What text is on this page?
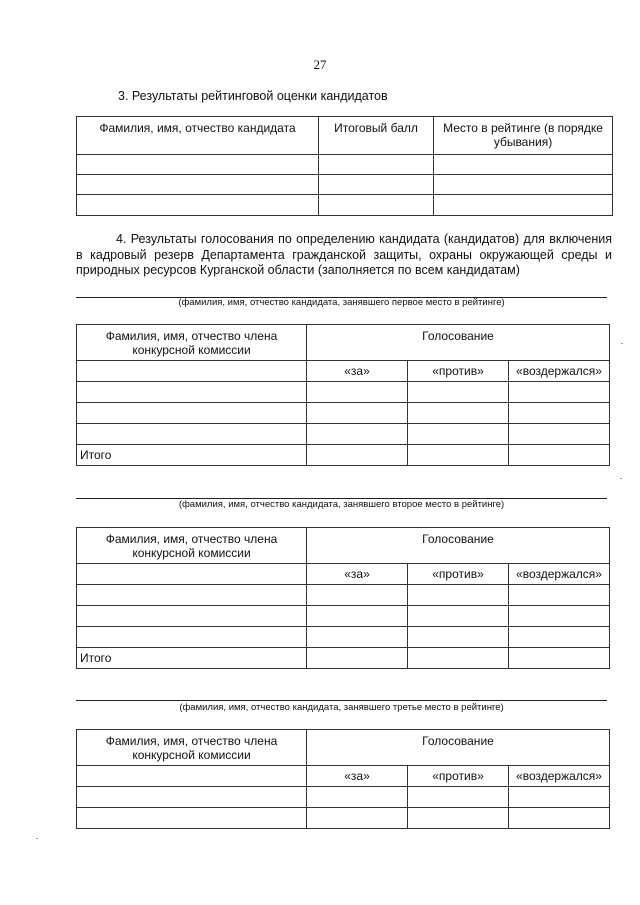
27
3. Результаты рейтинговой оценки кандидатов
Фамилия, имя, отчество кандидата	Итоговый балл	Место в рейтинге (в порядке убывания)

4. Результаты голосования по определению кандидата (кандидатов) для включения в кадровый резерв Департамента гражданской защиты, охраны окружающей среды и природных ресурсов Курганской области (заполняется по всем кандидатам)

(фамилия, имя, отчество кандидата, занявшего первое место в рейтинге)
Фамилия, имя, отчество члена конкурсной комиссии	Голосование		
	«за»	«против»	«воздержался»

Итого			
(фамилия, имя, отчество кандидата, занявшего второе место в рейтинге)
Фамилия, имя, отчество члена конкурсной комиссии	Голосование		
	«за»	«против»	«воздержался»

Итого			
(фамилия, имя, отчество кандидата, занявшего третье место в рейтинге)
Фамилия, имя, отчество члена конкурсной комиссии	Голосование		
	«за»	«против»	«воздержался»
